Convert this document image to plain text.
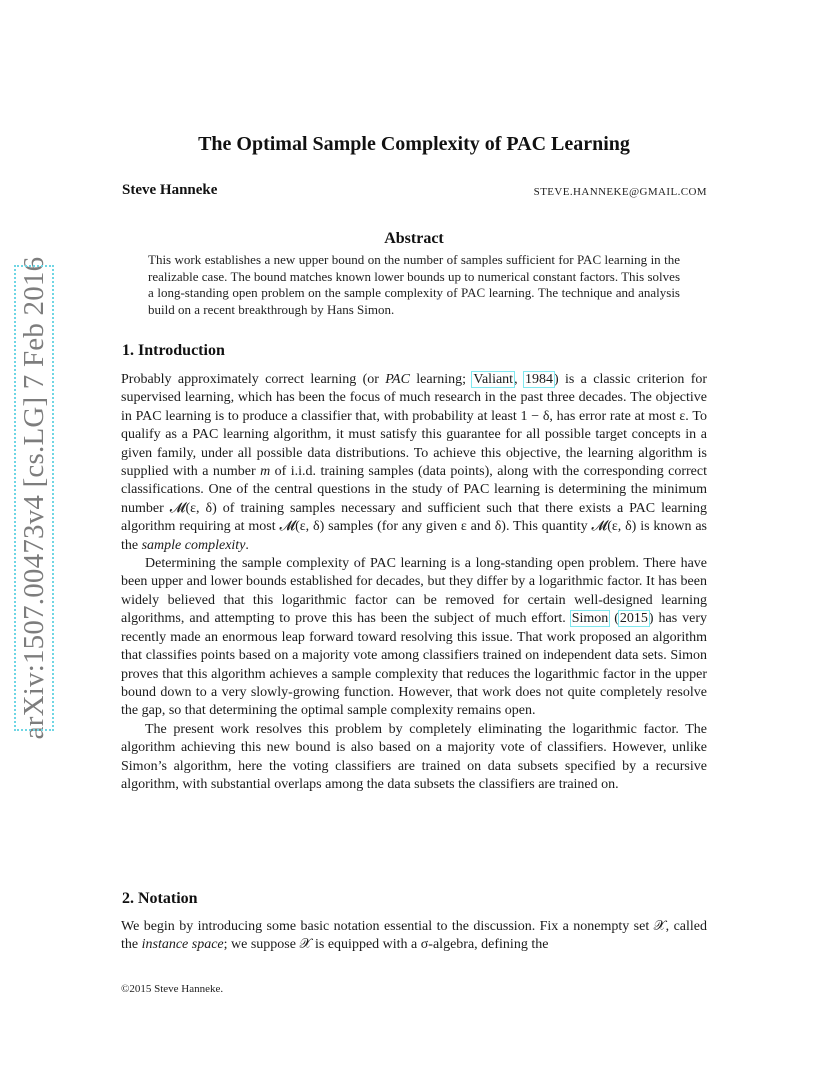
arXiv:1507.00473v4 [cs.LG] 7 Feb 2016
The Optimal Sample Complexity of PAC Learning
Steve Hanneke	STEVE.HANNEKE@GMAIL.COM
Abstract
This work establishes a new upper bound on the number of samples sufficient for PAC learning in the realizable case. The bound matches known lower bounds up to numerical constant factors. This solves a long-standing open problem on the sample complexity of PAC learning. The technique and analysis build on a recent breakthrough by Hans Simon.
1. Introduction

Probably approximately correct learning (or PAC learning; Valiant, 1984) is a classic criterion for supervised learning, which has been the focus of much research in the past three decades. The objective in PAC learning is to produce a classifier that, with probability at least 1 − δ, has error rate at most ε. To qualify as a PAC learning algorithm, it must satisfy this guarantee for all possible target concepts in a given family, under all possible data distributions. To achieve this objective, the learning algorithm is supplied with a number m of i.i.d. training samples (data points), along with the corresponding correct classifications. One of the central questions in the study of PAC learning is determining the minimum number 𝓜(ε, δ) of training samples necessary and sufficient such that there exists a PAC learning algorithm requiring at most 𝓜(ε, δ) samples (for any given ε and δ). This quantity 𝓜(ε, δ) is known as the sample complexity.

Determining the sample complexity of PAC learning is a long-standing open problem. There have been upper and lower bounds established for decades, but they differ by a logarithmic factor. It has been widely believed that this logarithmic factor can be removed for certain well-designed learning algorithms, and attempting to prove this has been the subject of much effort. Simon (2015) has very recently made an enormous leap forward toward resolving this issue. That work proposed an algorithm that classifies points based on a majority vote among classifiers trained on independent data sets. Simon proves that this algorithm achieves a sample complexity that reduces the logarithmic factor in the upper bound down to a very slowly-growing function. However, that work does not quite completely resolve the gap, so that determining the optimal sample complexity remains open.

The present work resolves this problem by completely eliminating the logarithmic factor. The algorithm achieving this new bound is also based on a majority vote of classifiers. However, unlike Simon’s algorithm, here the voting classifiers are trained on data subsets specified by a recursive algorithm, with substantial overlaps among the data subsets the classifiers are trained on.

2. Notation

We begin by introducing some basic notation essential to the discussion. Fix a nonempty set 𝒳, called the instance space; we suppose 𝒳 is equipped with a σ-algebra, defining the

©2015 Steve Hanneke.
